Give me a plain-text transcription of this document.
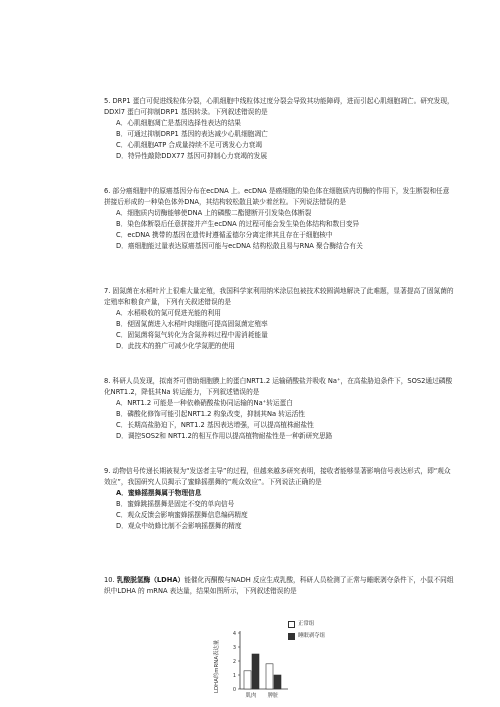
5. DRP1 蛋白可促进线粒体分裂，心肌细胞中线粒体过度分裂会导致其功能障碍，进而引起心肌细胞凋亡。研究发现，DDXl7 蛋白可抑制DRP1 基因转录。下列叙述错误的是

A．心肌细胞凋亡是基因选择性表达的结果

B．可通过抑制DRP1 基因的表达减少心肌细胞凋亡

C．心肌细胞ATP 合成量持续不足可诱发心力衰竭

D．特异性敲除DDX77 基因可抑制心力衰竭的发展

6. 部分癌细胞中的原癌基因分布在ecDNA 上。ecDNA 是癌细胞的染色体在细胞质内切酶的作用下，发生断裂和任意拼接后形成的一种染色体外DNA，其结构较松散且缺少着丝粒。下列说法错误的是

A．细胞质内切酶能够使DNA 上的磷酸二酯键断开引发染色体断裂

B．染色体断裂后任意拼接并产生ecDNA 的过程可能会发生染色体结构和数目变异

C．ecDNA 携带的基因在遗传时遵循孟德尔分离定律其且存在于细胞核中

D．癌细胞能过量表达原癌基因可能与ecDNA 结构松散且易与RNA 聚合酶结合有关

7. 固氮菌在水稻叶片上很难大量定殖，我国科学家利用纳米涂层包被技术较圆满地解决了此难题，显著提高了固氮菌的定殖率和粮食产量，下列有关叙述错误的是

A．水稻吸收的氮可促进光能的利用

B．便固氮菌进入水稻叶肉细胞可提高固氮菌定殖率

C．固氮菌将氮气转化为含氮养料过程中需消耗能量

D．此技术的推广可减少化学氮肥的使用

8. 科研人员发现，拟南芥可借助细胞膜上的蛋白NRT1.2 运输硝酸盐并吸收 Na⁺，在高盐胁迫条件下，SOS2通过磷酸化NRT1.2，降低其Na 转运能力，下列叙述错误的是

A．NRT1.2 可能是一种依赖硝酸盐协同运输的Na⁺转运蛋白

B．磷酸化修饰可能引起NRT1.2 构象改变，抑制其Na 转运活性

C．长期高盐胁迫下，NRT1.2 基因表达增强，可以提高植株耐盐性

D．调控SOS2和 NRT1.2的相互作用以提高植物耐盐性是一种新研究思路

9. 动物信号传递长期被视为“发送者主导”的过程，但越来越多研究表明，接收者能够显著影响信号表达形式，即“观众效应”，我国研究人员揭示了蜜蜂摇摆舞的“观众效应”。下列说法正确的是

A．蜜蜂摇摆舞属于物理信息

B．蜜蜂跳摇摆舞是固定不变的单向信号

C．观众反馈会影响蜜蜂摇摆舞信息编码精度

D．观众中幼蜂比制不会影响摇摆舞的精度

10. 乳酸脱氢酶（LDHA）能催化丙酮酸与NADH 反应生成乳酸，科研人员检测了正常与睡眠剥夺条件下，小鼠不同组织中LDHA 的 mRNA 表达量，结果如图所示，下列叙述错误的是

LDHA的mRNA表达量	0
1
2
3
4
肌肉 脾脏
正常组
睡眠剥夺组
